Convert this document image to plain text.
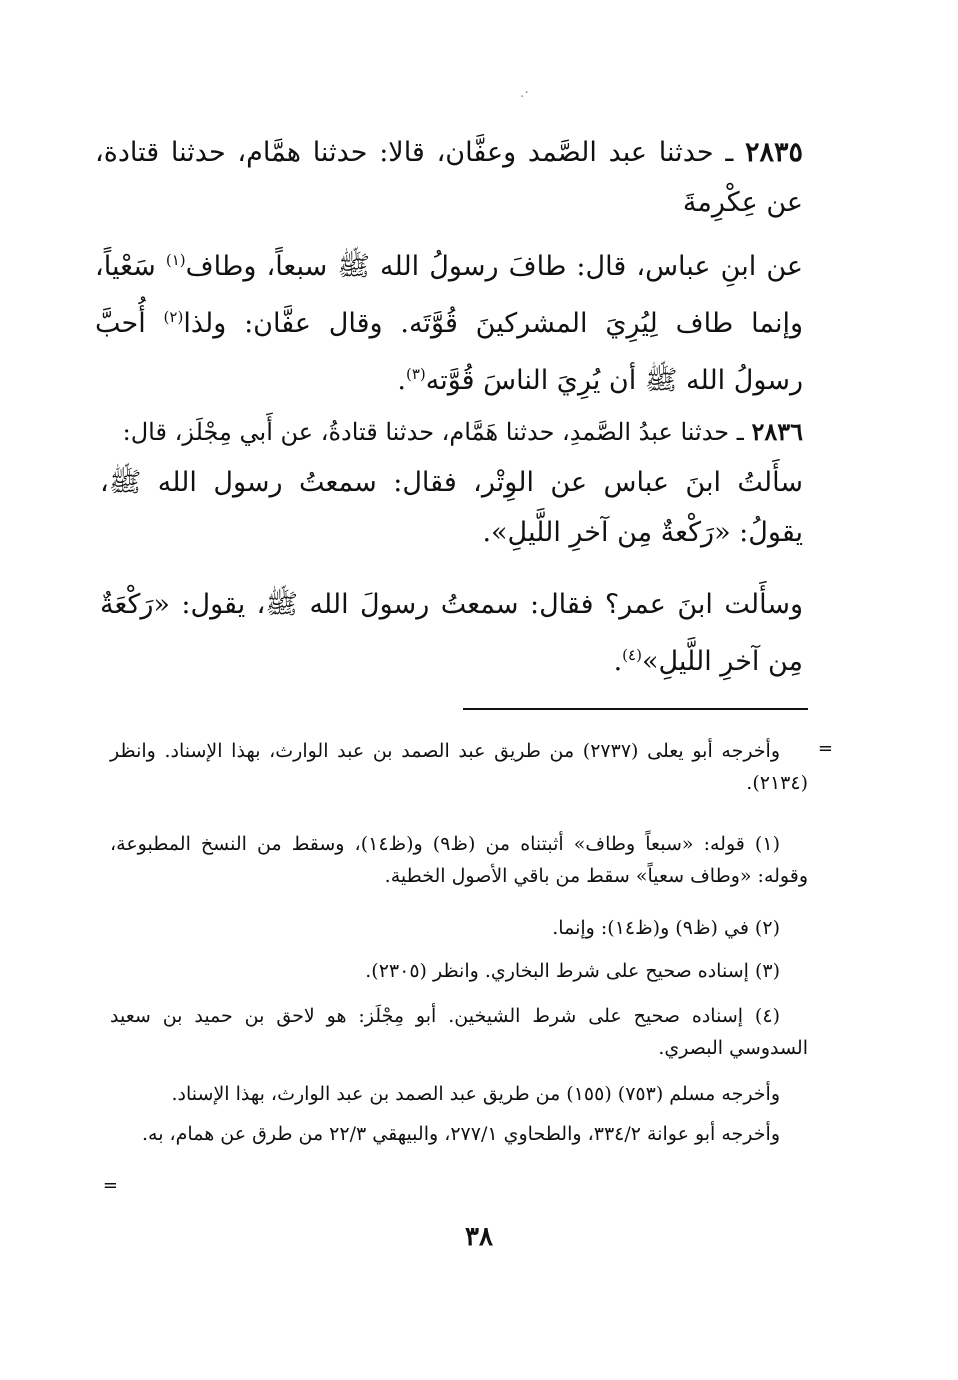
·.

٢٨٣٥ ـ حدثنا عبد الصَّمد وعفَّان، قالا: حدثنا همَّام، حدثنا قتادة، عن عِكْرِمةَ

عن ابنِ عباس، قال: طافَ رسولُ الله ﷺ سبعاً، وطاف$^{(١)}$ سَعْياً، وإنما طاف لِيُرِيَ المشركينَ قُوَّتَه. وقال عفَّان: ولذا$^{(٢)}$ أُحبَّ رسولُ الله ﷺ أن يُرِيَ الناسَ قُوَّته$^{(٣)}$.

٢٨٣٦ ـ حدثنا عبدُ الصَّمدِ، حدثنا هَمَّام، حدثنا قتادةُ، عن أَبي مِجْلَز، قال:

سأَلتُ ابنَ عباس عن الوِتْر، فقال: سمعتُ رسول الله ﷺ، يقولُ: «رَكْعةٌ مِن آخرِ اللَّيلِ».

وسأَلت ابنَ عمر؟ فقال: سمعتُ رسولَ الله ﷺ، يقول: «رَكْعَةٌ مِن آخرِ اللَّيلِ»$^{(٤)}$.

=

وأخرجه أبو يعلى (٢٧٣٧) من طريق عبد الصمد بن عبد الوارث، بهذا الإسناد. وانظر (٢١٣٤).

(١) قوله: «سبعاً وطاف» أثبتناه من (ظ٩) و(ظ١٤)، وسقط من النسخ المطبوعة، وقوله: «وطاف سعياً» سقط من باقي الأصول الخطية.

(٢) في (ظ٩) و(ظ١٤): وإنما.

(٣) إسناده صحيح على شرط البخاري. وانظر (٢٣٠٥).

(٤) إسناده صحيح على شرط الشيخين. أبو مِجْلَز: هو لاحق بن حميد بن سعيد السدوسي البصري.

وأخرجه مسلم (٧٥٣) (١٥٥) من طريق عبد الصمد بن عبد الوارث، بهذا الإسناد.

وأخرجه أبو عوانة ٣٣٤/٢، والطحاوي ٢٧٧/١، والبيهقي ٢٢/٣ من طرق عن همام، به.

=
٣٨
